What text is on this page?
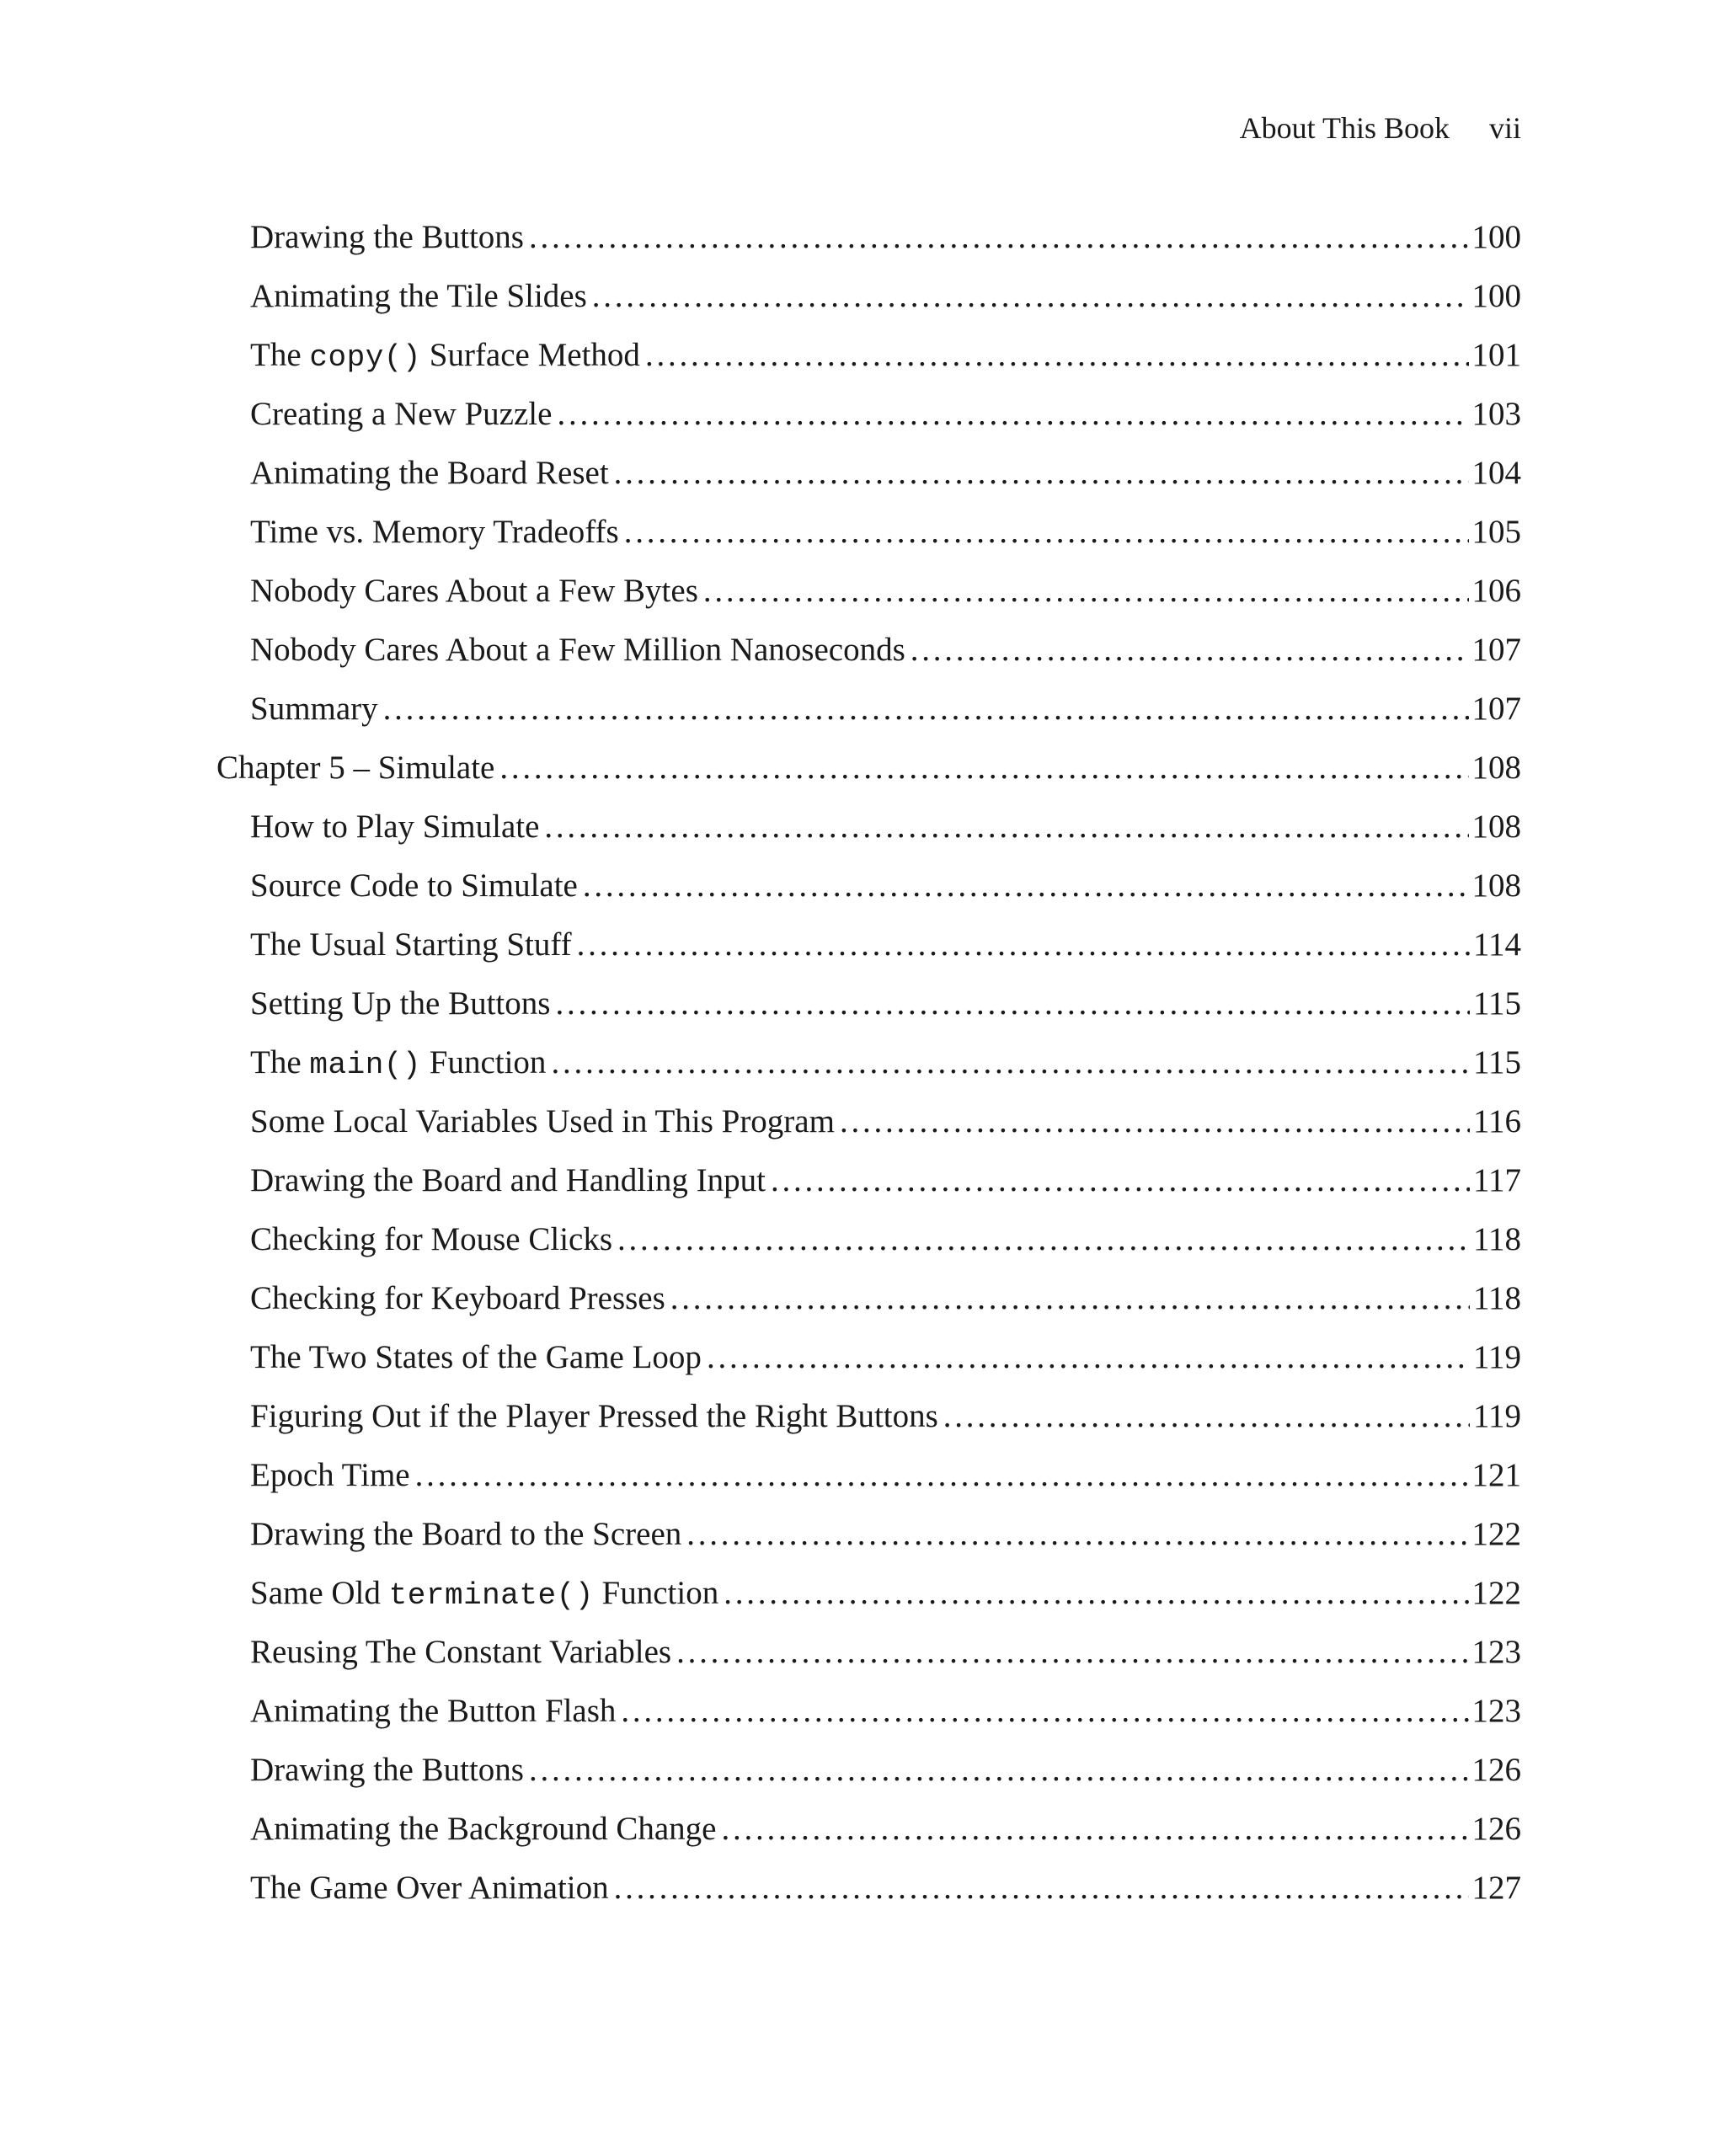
About This Book vii
Drawing the Buttons . . .	100
Animating the Tile Slides . . .	100
The copy() Surface Method . . .	101
Creating a New Puzzle . . .	103
Animating the Board Reset . . .	104
Time vs. Memory Tradeoffs . . .	105
Nobody Cares About a Few Bytes . . .	106
Nobody Cares About a Few Million Nanoseconds . . .	107
Summary . . .	107
Chapter 5 – Simulate . . .	108
How to Play Simulate . . .	108
Source Code to Simulate . . .	108
The Usual Starting Stuff . . .	114
Setting Up the Buttons . . .	115
The main() Function . . .	115
Some Local Variables Used in This Program . . .	116
Drawing the Board and Handling Input . . .	117
Checking for Mouse Clicks . . .	118
Checking for Keyboard Presses . . .	118
The Two States of the Game Loop . . .	119
Figuring Out if the Player Pressed the Right Buttons . . .	119
Epoch Time . . .	121
Drawing the Board to the Screen . . .	122
Same Old terminate() Function . . .	122
Reusing The Constant Variables . . .	123
Animating the Button Flash . . .	123
Drawing the Buttons . . .	126
Animating the Background Change . . .	126
The Game Over Animation . . .	127
